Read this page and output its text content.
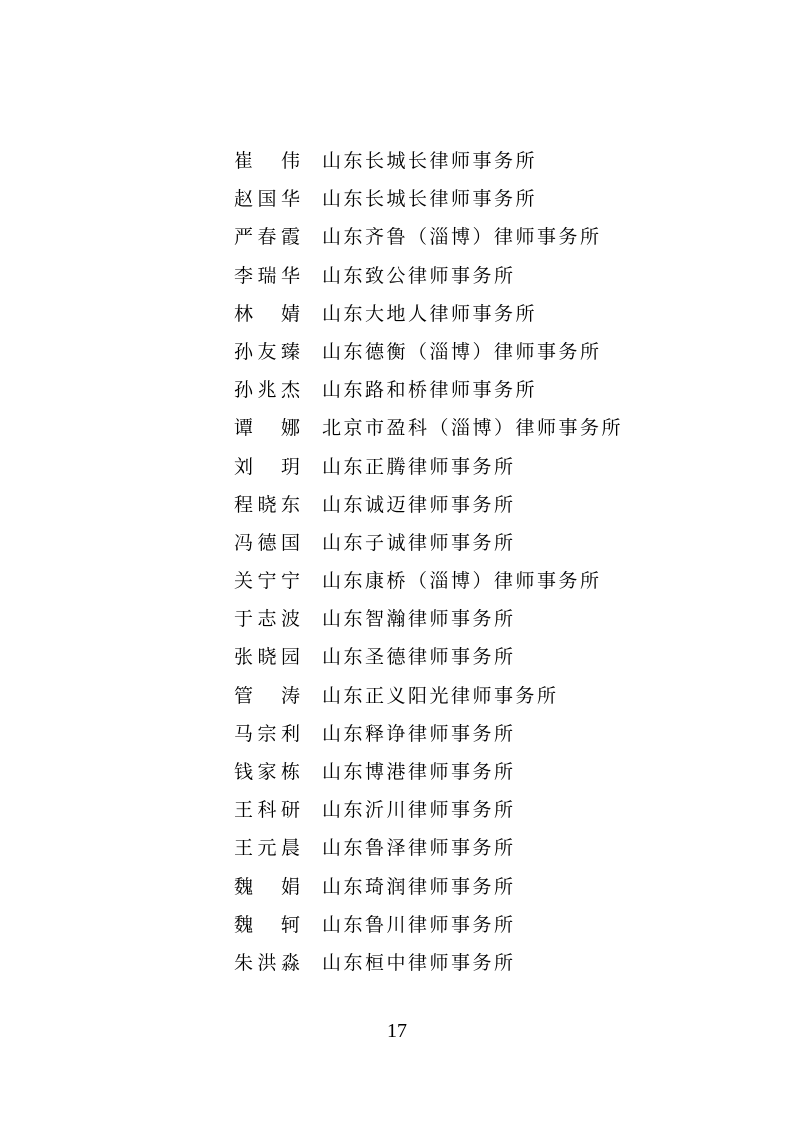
崔 伟 山东长城长律师事务所
赵 国 华 山东长城长律师事务所
严 春 霞 山东齐鲁（淄博）律师事务所
李 瑞 华 山东致公律师事务所
林 婧 山东大地人律师事务所
孙 友 臻 山东德衡（淄博）律师事务所
孙 兆 杰 山东路和桥律师事务所
谭 娜 北京市盈科（淄博）律师事务所
刘 玥 山东正腾律师事务所
程 晓 东 山东诚迈律师事务所
冯 德 国 山东子诚律师事务所
关 宁 宁 山东康桥（淄博）律师事务所
于 志 波 山东智瀚律师事务所
张 晓 园 山东圣德律师事务所
管 涛 山东正义阳光律师事务所
马 宗 利 山东释诤律师事务所
钱 家 栋 山东博港律师事务所
王 科 研 山东沂川律师事务所
王 元 晨 山东鲁泽律师事务所
魏 娟 山东琦润律师事务所
魏 轲 山东鲁川律师事务所
朱 洪 淼 山东桓中律师事务所
17
